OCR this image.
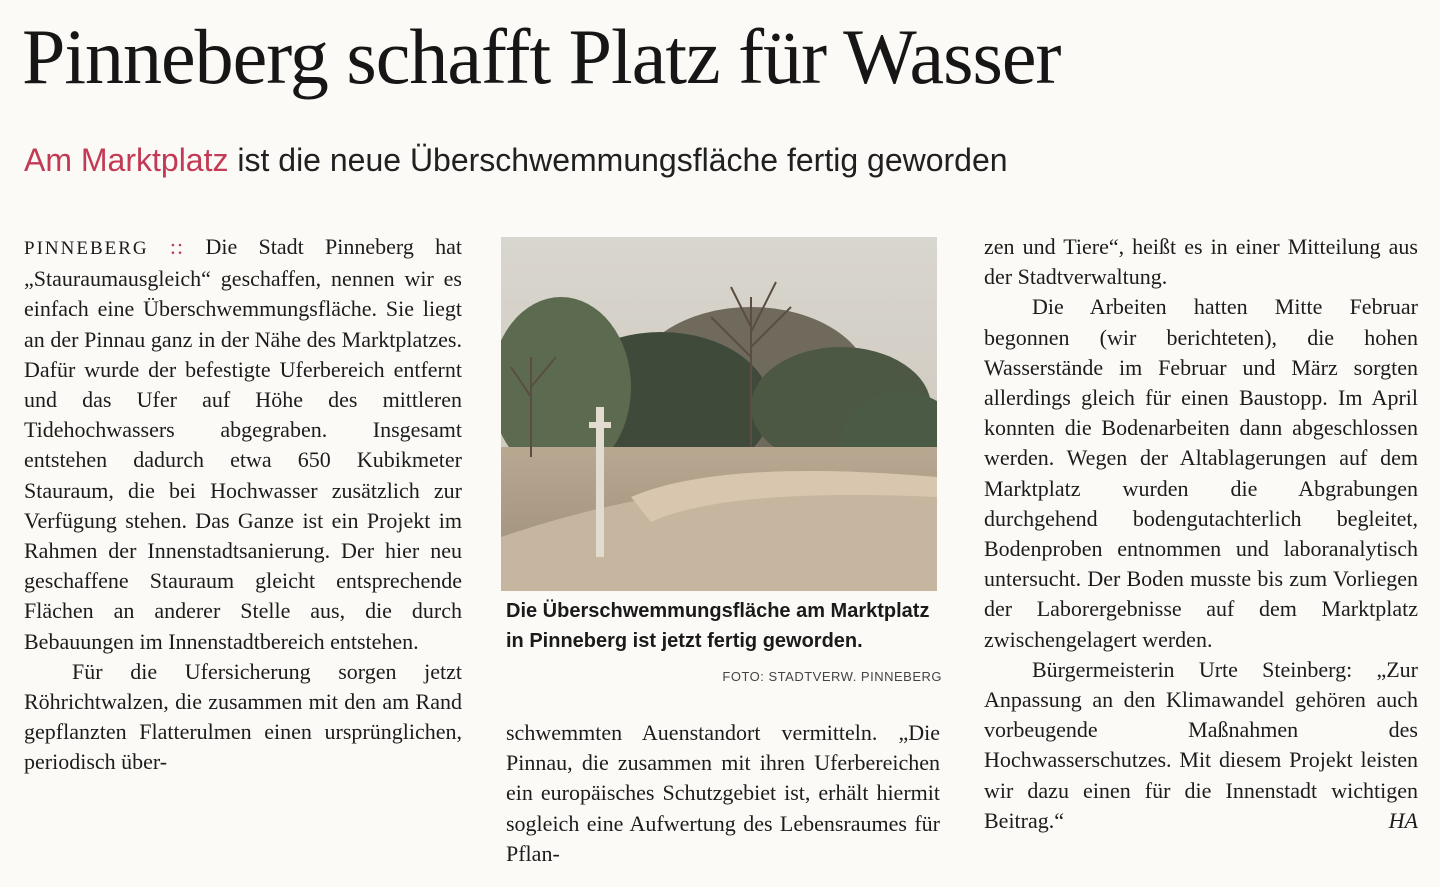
Pinneberg schafft Platz für Wasser
Am Marktplatz ist die neue Überschwemmungsfläche fertig geworden

PINNEBERG :: Die Stadt Pinneberg hat „Stauraumausgleich“ geschaffen, nennen wir es einfach eine Überschwemmungsfläche. Sie liegt an der Pinnau ganz in der Nähe des Marktplatzes. Dafür wurde der befestigte Uferbereich entfernt und das Ufer auf Höhe des mittleren Tidehochwassers abgegraben. Insgesamt entstehen dadurch etwa 650 Kubikmeter Stauraum, die bei Hochwasser zusätzlich zur Verfügung stehen. Das Ganze ist ein Projekt im Rahmen der Innenstadtsanierung. Der hier neu geschaffene Stauraum gleicht entsprechende Flächen an anderer Stelle aus, die durch Bebauungen im Innenstadtbereich entstehen.

Für die Ufersicherung sorgen jetzt Röhrichtwalzen, die zusammen mit den am Rand gepflanzten Flatterulmen einen ursprünglichen, periodisch über-

Die Überschwemmungsfläche am Marktplatz in Pinneberg ist jetzt fertig geworden.
FOTO: STADTVERW. PINNEBERG

schwemmten Auenstandort vermitteln. „Die Pinnau, die zusammen mit ihren Uferbereichen ein europäisches Schutzgebiet ist, erhält hiermit sogleich eine Aufwertung des Lebensraumes für Pflan-

zen und Tiere“, heißt es in einer Mitteilung aus der Stadtverwaltung.

Die Arbeiten hatten Mitte Februar begonnen (wir berichteten), die hohen Wasserstände im Februar und März sorgten allerdings gleich für einen Baustopp. Im April konnten die Bodenarbeiten dann abgeschlossen werden. Wegen der Altablagerungen auf dem Marktplatz wurden die Abgrabungen durchgehend bodengutachterlich begleitet, Bodenproben entnommen und laboranalytisch untersucht. Der Boden musste bis zum Vorliegen der Laborergebnisse auf dem Marktplatz zwischengelagert werden.

Bürgermeisterin Urte Steinberg: „Zur Anpassung an den Klimawandel gehören auch vorbeugende Maßnahmen des Hochwasserschutzes. Mit diesem Projekt leisten wir dazu einen für die Innenstadt wichtigen Beitrag.“	HA
